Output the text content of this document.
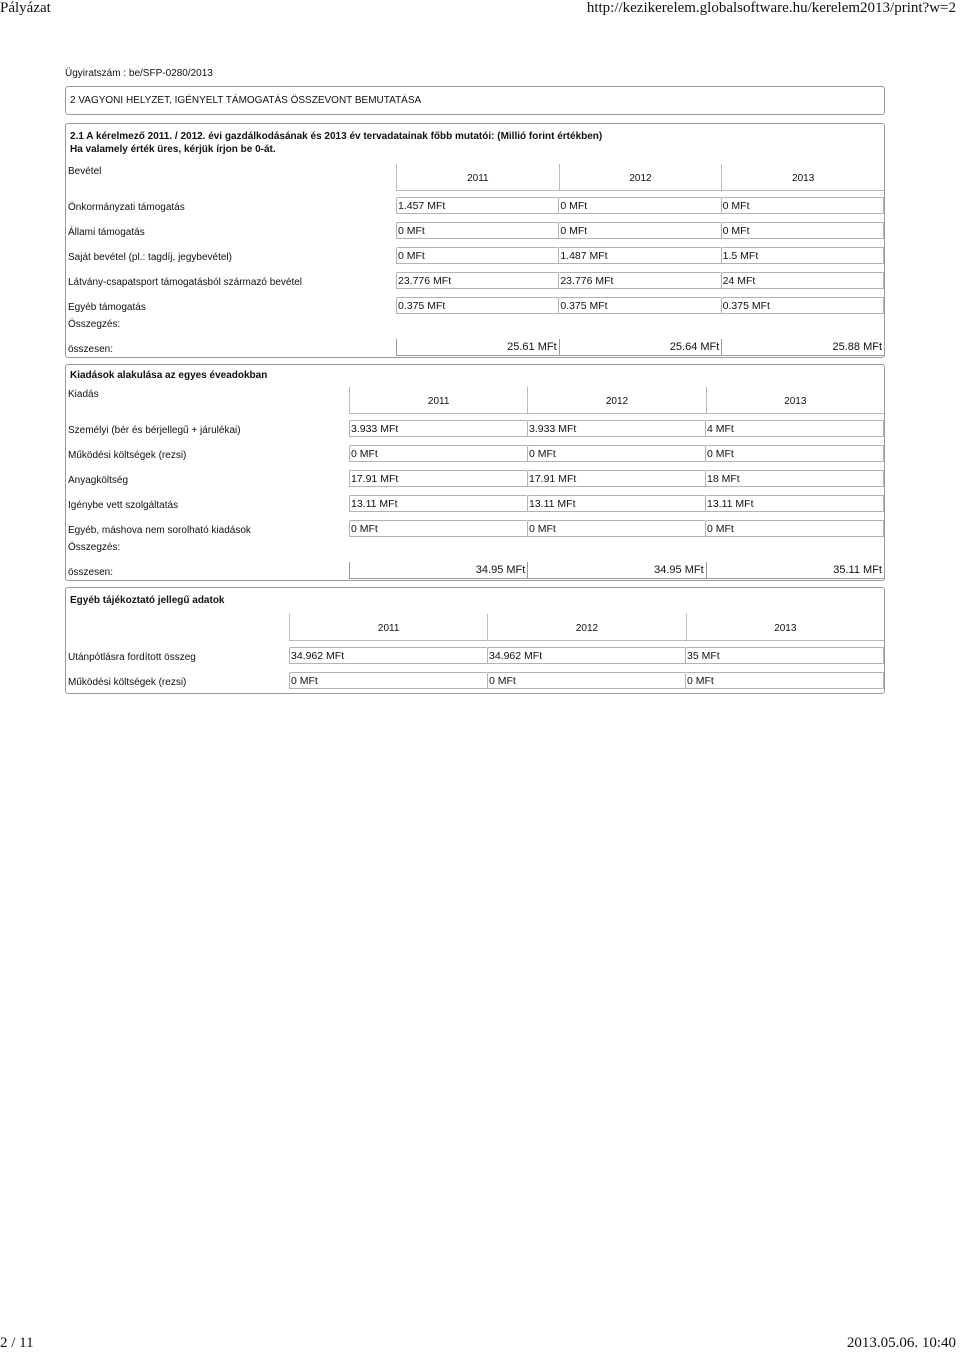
Pályázat	http://kezikerelem.globalsoftware.hu/kerelem2013/print?w=2
Ügyiratszám : be/SFP-0280/2013
2 VAGYONI HELYZET, IGÉNYELT TÁMOGATÁS ÖSSZEVONT BEMUTATÁSA
2.1 A kérelmező 2011. / 2012. évi gazdálkodásának és 2013 év tervadatainak főbb mutatói: (Millió forint értékben)
Ha valamely érték üres, kérjük írjon be 0-át.
Bevétel
2011	2012	2013
Önkormányzati támogatás	1.457 MFt	0 MFt	0 MFt
Állami támogatás	0 MFt	0 MFt	0 MFt
Saját bevétel (pl.: tagdíj, jegybevétel)	0 MFt	1.487 MFt	1.5 MFt
Látvány-csapatsport támogatásból származó bevétel	23.776 MFt	23.776 MFt	24 MFt
Egyéb támogatás	0.375 MFt	0.375 MFt	0.375 MFt
Összegzés:
összesen:	25.61 MFt	25.64 MFt	25.88 MFt
Kiadások alakulása az egyes éveadokban
Kiadás
2011	2012	2013
Személyi (bér és bérjellegű + járulékai)	3.933 MFt	3.933 MFt	4 MFt
Működési költségek (rezsi)	0 MFt	0 MFt	0 MFt
Anyagköltség	17.91 MFt	17.91 MFt	18 MFt
Igénybe vett szolgáltatás	13.11 MFt	13.11 MFt	13.11 MFt
Egyéb, máshova nem sorolható kiadások	0 MFt	0 MFt	0 MFt
Összegzés:
összesen:	34.95 MFt	34.95 MFt	35.11 MFt
Egyéb tájékoztató jellegű adatok
2011	2012	2013
Utánpótlásra fordított összeg	34.962 MFt	34.962 MFt	35 MFt
Működési költségek (rezsi)	0 MFt	0 MFt	0 MFt
2 / 11	2013.05.06. 10:40
